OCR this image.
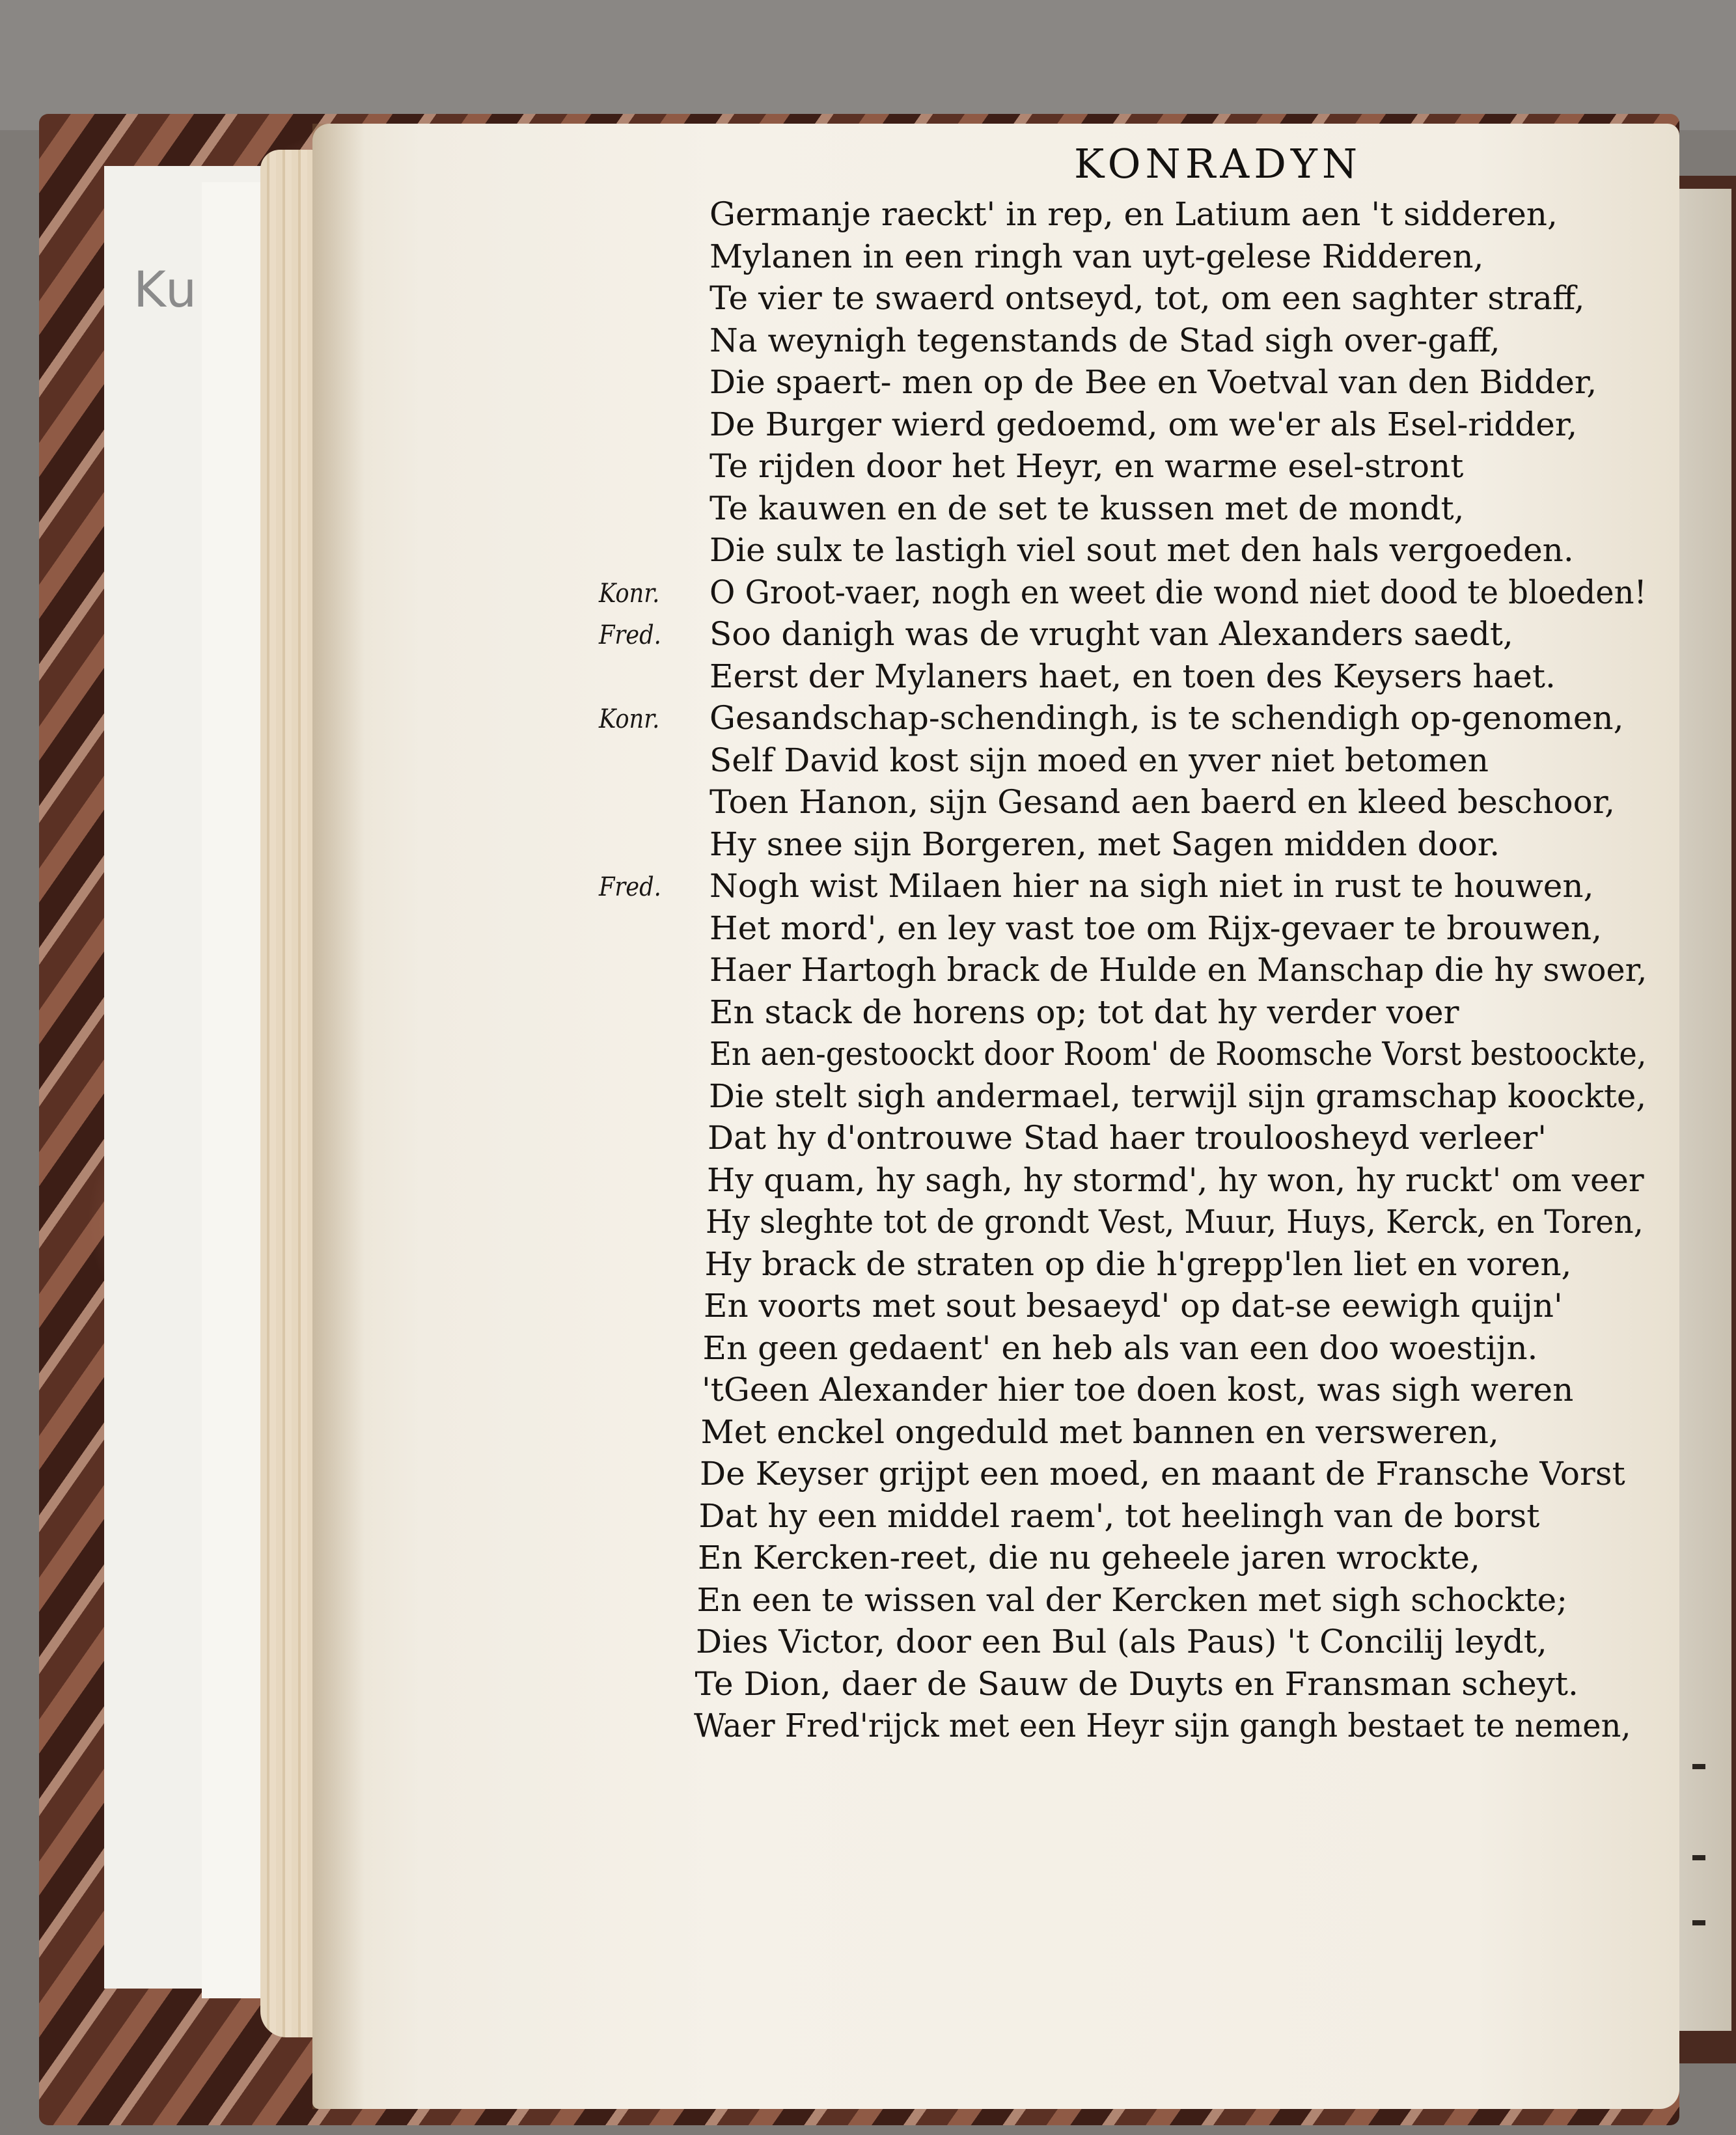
Ku
KONRADYN
Germanje raeckt' in rep, en Latium aen 't sidderen,
Mylanen in een ringh van uyt-gelese Ridderen,
Te vier te swaerd ontseyd, tot, om een saghter straff,
Na weynigh tegenstands de Stad sigh over-gaff,
Die spaert- men op de Bee en Voetval van den Bidder,
De Burger wierd gedoemd, om we'er als Esel-ridder,
Te rijden door het Heyr, en warme esel-stront
Te kauwen en de set te kussen met de mondt,
Die sulx te lastigh viel sout met den hals vergoeden.
O Groot-vaer, nogh en weet die wond niet dood te bloeden!
Konr.
Soo danigh was de vrught van Alexanders saedt,
Fred.
Eerst der Mylaners haet, en toen des Keysers haet.
Gesandschap-schendingh, is te schendigh op-genomen,
Konr.
Self David kost sijn moed en yver niet betomen
Toen Hanon, sijn Gesand aen baerd en kleed beschoor,
Hy snee sijn Borgeren, met Sagen midden door.
Nogh wist Milaen hier na sigh niet in rust te houwen,
Fred.
Het mord', en ley vast toe om Rijx-gevaer te brouwen,
Haer Hartogh brack de Hulde en Manschap die hy swoer,
En stack de horens op; tot dat hy verder voer
En aen-gestoockt door Room' de Roomsche Vorst bestoockte,
Die stelt sigh andermael, terwijl sijn gramschap koockte,
Dat hy d'ontrouwe Stad haer trouloosheyd verleer'
Hy quam, hy sagh, hy stormd', hy won, hy ruckt' om veer
Hy sleghte tot de grondt Vest, Muur, Huys, Kerck, en Toren,
Hy brack de straten op die h'grepp'len liet en voren,
En voorts met sout besaeyd' op dat-se eewigh quijn'
En geen gedaent' en heb als van een doo woestijn.
'tGeen Alexander hier toe doen kost, was sigh weren
Met enckel ongeduld met bannen en versweren,
De Keyser grijpt een moed, en maant de Fransche Vorst
Dat hy een middel raem', tot heelingh van de borst
En Kercken-reet, die nu geheele jaren wrockte,
En een te wissen val der Kercken met sigh schockte;
Dies Victor, door een Bul (als Paus) 't Concilij leydt,
Te Dion, daer de Sauw de Duyts en Fransman scheyt.
Waer Fred'rijck met een Heyr sijn gangh bestaet te nemen,
